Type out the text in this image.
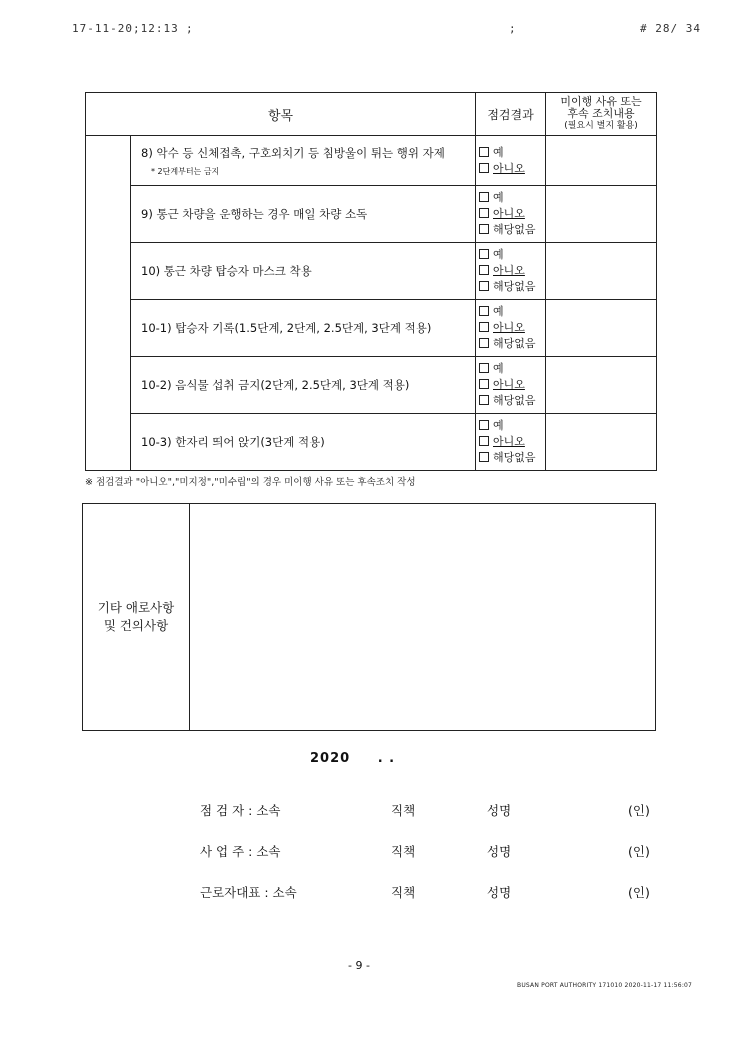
17-11-20;12:13 ;	;	# 28/ 34
항목		점검결과	미이행 사유 또는
후속 조치내용
(필요시 별지 활용)

	8) 악수 등 신체접촉, 구호외치기 등 침방울이 튀는 행위 자제
* 2단계부터는 금지	예
아니오	

	9) 통근 차량을 운행하는 경우 매일 차량 소독	예
아니오
해당없음	

	10) 통근 차량 탑승자 마스크 착용	예
아니오
해당없음	

	10-1) 탑승자 기록(1.5단계, 2단계, 2.5단계, 3단계 적용)	예
아니오
해당없음	

	10-2) 음식물 섭취 금지(2단계, 2.5단계, 3단계 적용)	예
아니오
해당없음	

	10-3) 한자리 띄어 앉기(3단계 적용)	예
아니오
해당없음	

※ 점검결과 "아니오","미지정","미수립"의 경우 미이행 사유 또는 후속조치 작성
기타 애로사항
및 건의사항

2020 . .
점 검 자 : 소속	직책	성명	(인)
사 업 주 : 소속	직책	성명	(인)
근로자대표 : 소속	직책	성명	(인)
- 9 -
BUSAN PORT AUTHORITY 171010 2020-11-17 11:56:07
